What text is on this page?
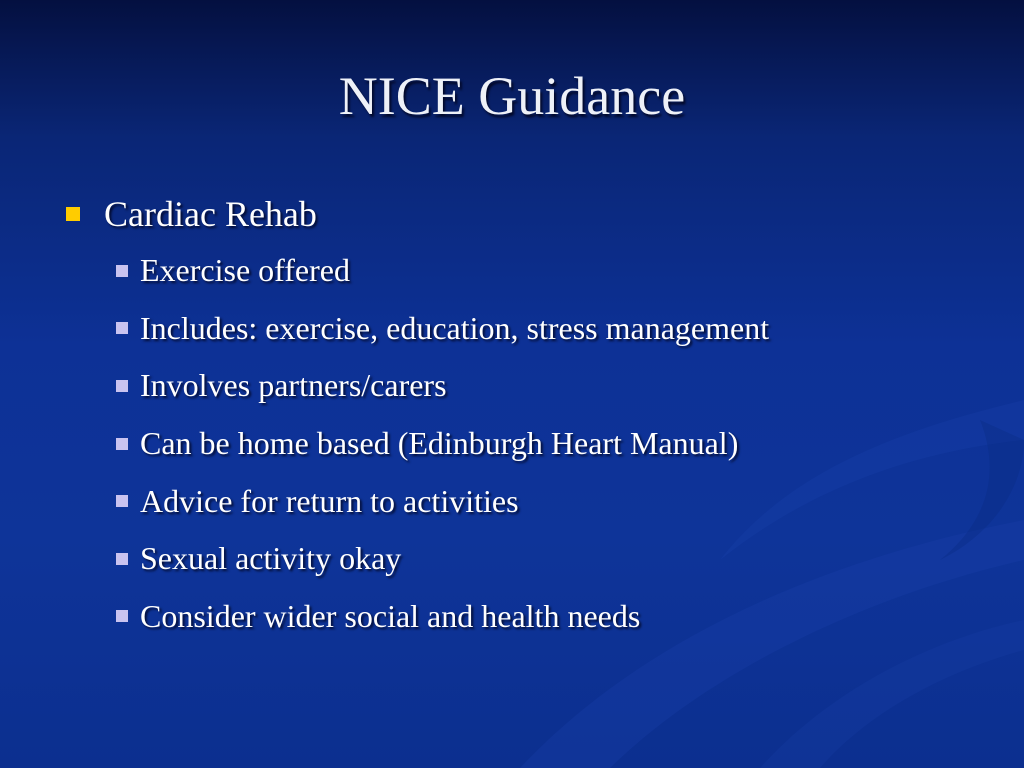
NICE Guidance
Cardiac Rehab
Exercise offered
Includes: exercise, education, stress management
Involves partners/carers
Can be home based (Edinburgh Heart Manual)
Advice for return to activities
Sexual activity okay
Consider wider social and health needs
